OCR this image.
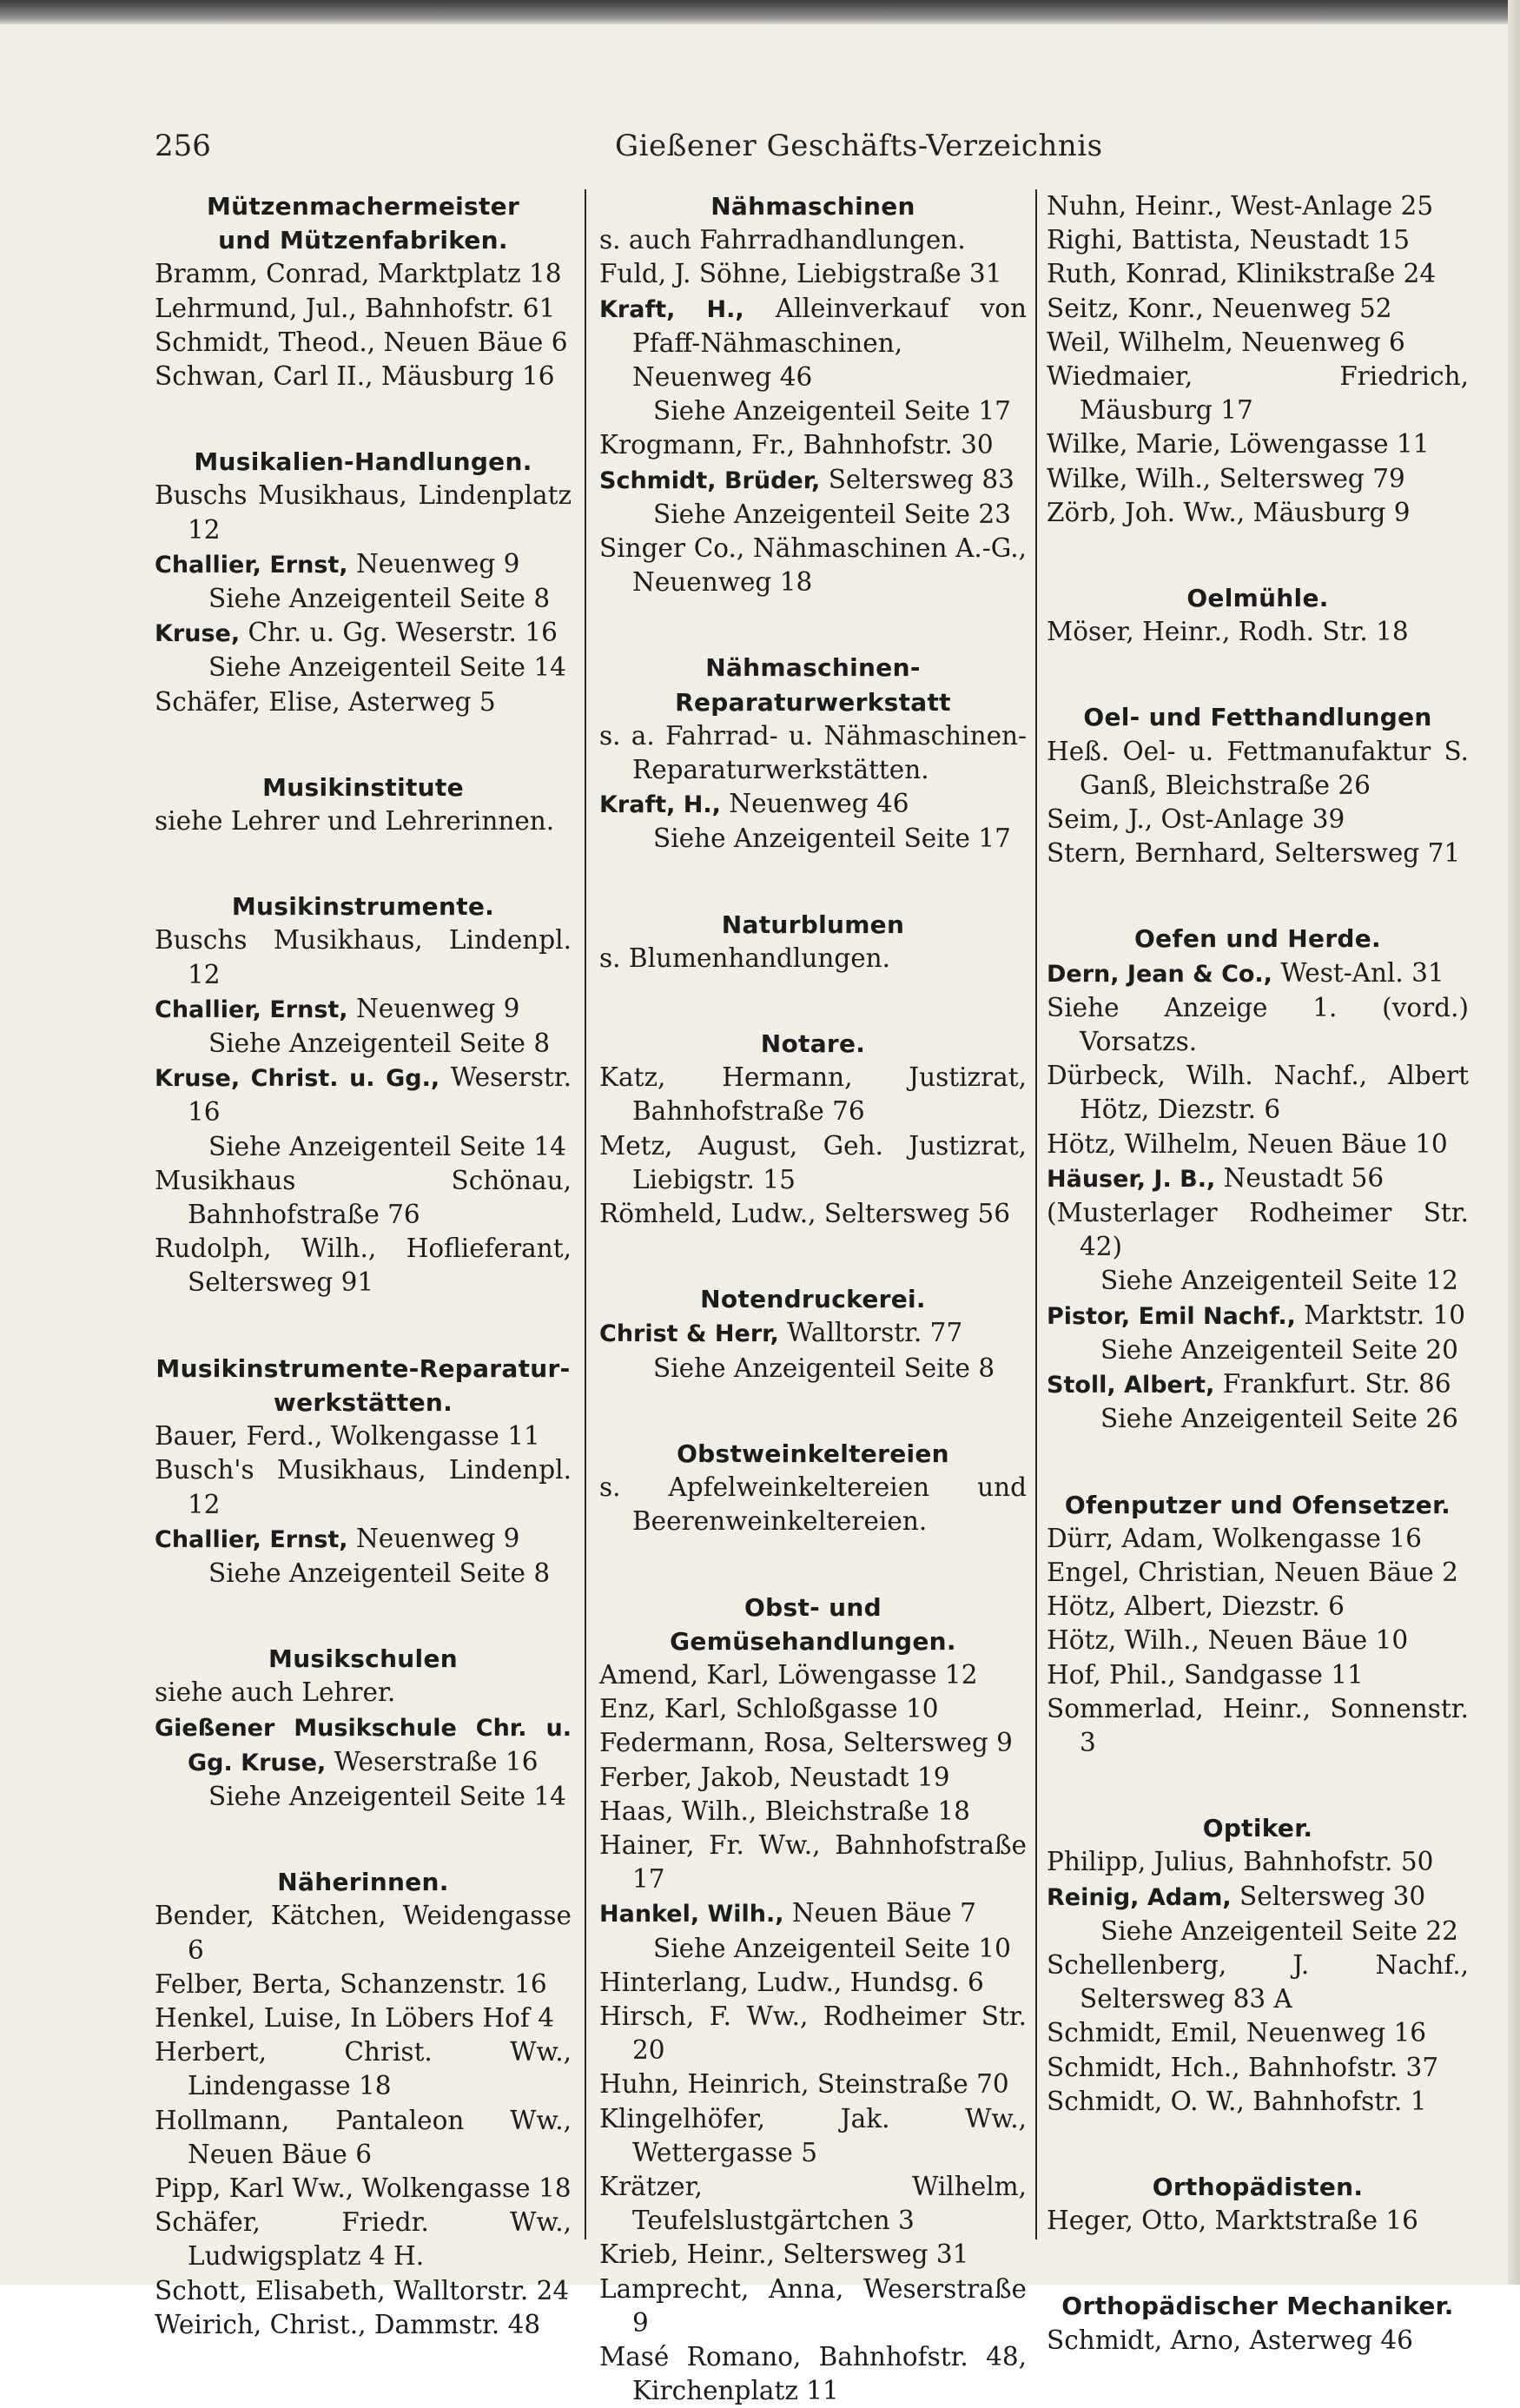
256	Gießener Geschäfts-Verzeichnis
Mützenmachermeister
und Mützenfabriken.
Bramm, Conrad, Marktplatz 18
Lehrmund, Jul., Bahnhofstr. 61
Schmidt, Theod., Neuen Bäue 6
Schwan, Carl II., Mäusburg 16
Musikalien-Handlungen.
Buschs Musikhaus, Lindenplatz 12
Challier, Ernst, Neuenweg 9
Siehe Anzeigenteil Seite 8
Kruse, Chr. u. Gg. Weserstr. 16
Siehe Anzeigenteil Seite 14
Schäfer, Elise, Asterweg 5
Musikinstitute
siehe Lehrer und Lehrerinnen.
Musikinstrumente.
Buschs Musikhaus, Lindenpl. 12
Challier, Ernst, Neuenweg 9
Siehe Anzeigenteil Seite 8
Kruse, Christ. u. Gg., Weserstr. 16
Siehe Anzeigenteil Seite 14
Musikhaus Schönau, Bahnhofstraße 76
Rudolph, Wilh., Hoflieferant, Seltersweg 91
Musikinstrumente-Reparatur-
werkstätten.
Bauer, Ferd., Wolkengasse 11
Busch's Musikhaus, Lindenpl. 12
Challier, Ernst, Neuenweg 9
Siehe Anzeigenteil Seite 8
Musikschulen
siehe auch Lehrer.
Gießener Musikschule Chr. u. Gg. Kruse, Weserstraße 16
Siehe Anzeigenteil Seite 14
Näherinnen.
Bender, Kätchen, Weidengasse 6
Felber, Berta, Schanzenstr. 16
Henkel, Luise, In Löbers Hof 4
Herbert, Christ. Ww., Lindengasse 18
Hollmann, Pantaleon Ww., Neuen Bäue 6
Pipp, Karl Ww., Wolkengasse 18
Schäfer, Friedr. Ww., Ludwigsplatz 4 H.
Schott, Elisabeth, Walltorstr. 24
Weirich, Christ., Dammstr. 48
Nähmaschinen
s. auch Fahrradhandlungen.
Fuld, J. Söhne, Liebigstraße 31
Kraft, H., Alleinverkauf von Pfaff-Nähmaschinen, Neuenweg 46
Siehe Anzeigenteil Seite 17
Krogmann, Fr., Bahnhofstr. 30
Schmidt, Brüder, Seltersweg 83
Siehe Anzeigenteil Seite 23
Singer Co., Nähmaschinen A.-G., Neuenweg 18
Nähmaschinen-
Reparaturwerkstatt
s. a. Fahrrad- u. Nähmaschinen-Reparaturwerkstätten.
Kraft, H., Neuenweg 46
Siehe Anzeigenteil Seite 17
Naturblumen
s. Blumenhandlungen.
Notare.
Katz, Hermann, Justizrat, Bahnhofstraße 76
Metz, August, Geh. Justizrat, Liebigstr. 15
Römheld, Ludw., Seltersweg 56
Notendruckerei.
Christ & Herr, Walltorstr. 77
Siehe Anzeigenteil Seite 8
Obstweinkeltereien
s. Apfelweinkeltereien und Beerenweinkeltereien.
Obst- und Gemüsehandlungen.
Amend, Karl, Löwengasse 12
Enz, Karl, Schloßgasse 10
Federmann, Rosa, Seltersweg 9
Ferber, Jakob, Neustadt 19
Haas, Wilh., Bleichstraße 18
Hainer, Fr. Ww., Bahnhofstraße 17
Hankel, Wilh., Neuen Bäue 7
Siehe Anzeigenteil Seite 10
Hinterlang, Ludw., Hundsg. 6
Hirsch, F. Ww., Rodheimer Str. 20
Huhn, Heinrich, Steinstraße 70
Klingelhöfer, Jak. Ww., Wettergasse 5
Krätzer, Wilhelm, Teufelslustgärtchen 3
Krieb, Heinr., Seltersweg 31
Lamprecht, Anna, Weserstraße 9
Masé Romano, Bahnhofstr. 48, Kirchenplatz 11
Nuhn, Heinr., West-Anlage 25
Righi, Battista, Neustadt 15
Ruth, Konrad, Klinikstraße 24
Seitz, Konr., Neuenweg 52
Weil, Wilhelm, Neuenweg 6
Wiedmaier, Friedrich, Mäusburg 17
Wilke, Marie, Löwengasse 11
Wilke, Wilh., Seltersweg 79
Zörb, Joh. Ww., Mäusburg 9
Oelmühle.
Möser, Heinr., Rodh. Str. 18
Oel- und Fetthandlungen
Heß. Oel- u. Fettmanufaktur S. Ganß, Bleichstraße 26
Seim, J., Ost-Anlage 39
Stern, Bernhard, Seltersweg 71
Oefen und Herde.
Dern, Jean & Co., West-Anl. 31
Siehe Anzeige 1. (vord.) Vorsatzs.
Dürbeck, Wilh. Nachf., Albert Hötz, Diezstr. 6
Hötz, Wilhelm, Neuen Bäue 10
Häuser, J. B., Neustadt 56
(Musterlager Rodheimer Str. 42)
Siehe Anzeigenteil Seite 12
Pistor, Emil Nachf., Marktstr. 10
Siehe Anzeigenteil Seite 20
Stoll, Albert, Frankfurt. Str. 86
Siehe Anzeigenteil Seite 26
Ofenputzer und Ofensetzer.
Dürr, Adam, Wolkengasse 16
Engel, Christian, Neuen Bäue 2
Hötz, Albert, Diezstr. 6
Hötz, Wilh., Neuen Bäue 10
Hof, Phil., Sandgasse 11
Sommerlad, Heinr., Sonnenstr. 3
Optiker.
Philipp, Julius, Bahnhofstr. 50
Reinig, Adam, Seltersweg 30
Siehe Anzeigenteil Seite 22
Schellenberg, J. Nachf., Seltersweg 83 A
Schmidt, Emil, Neuenweg 16
Schmidt, Hch., Bahnhofstr. 37
Schmidt, O. W., Bahnhofstr. 1
Orthopädisten.
Heger, Otto, Marktstraße 16
Orthopädischer Mechaniker.
Schmidt, Arno, Asterweg 46
